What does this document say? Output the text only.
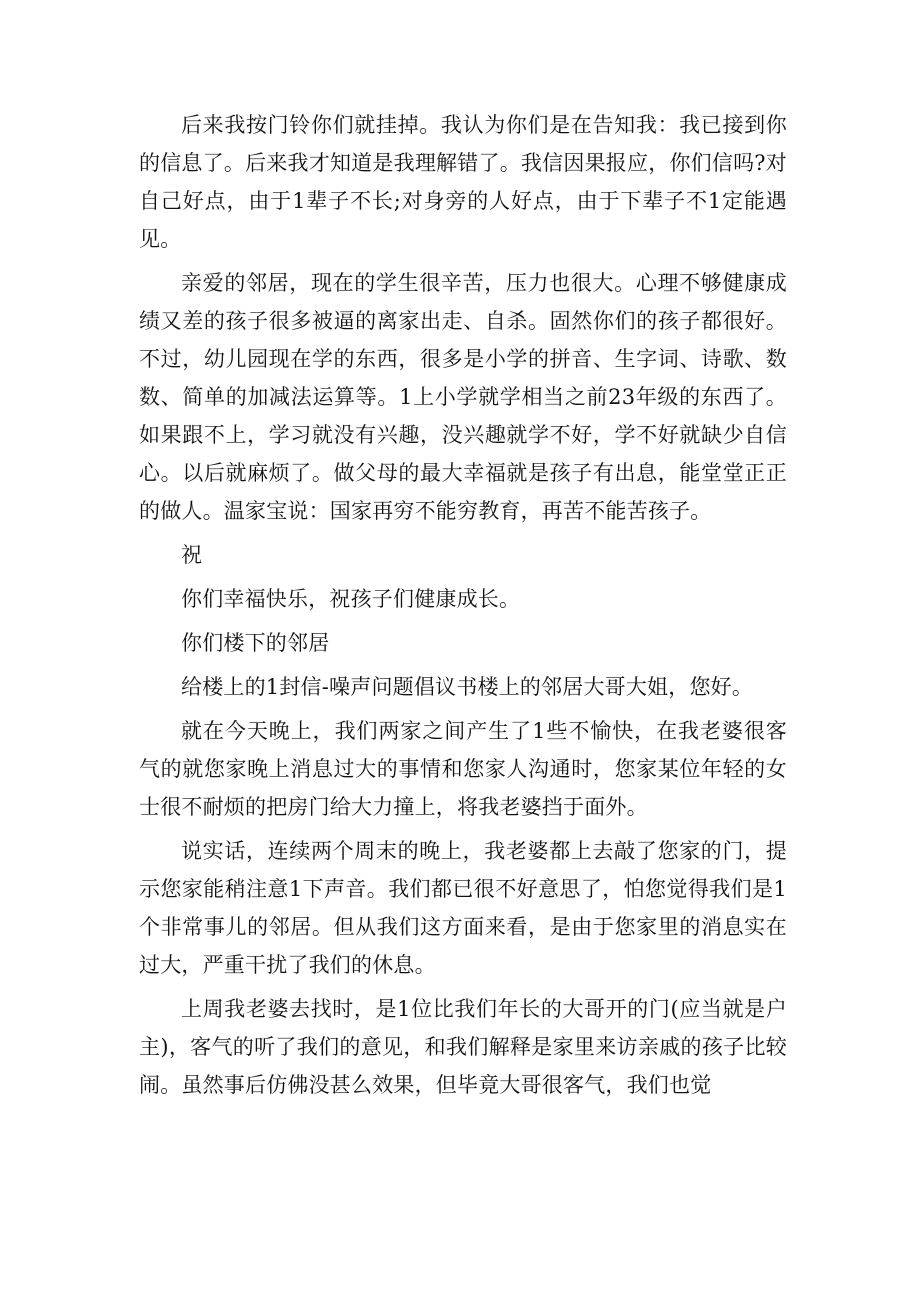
后来我按门铃你们就挂掉。我认为你们是在告知我：我已接到你的信息了。后来我才知道是我理解错了。我信因果报应，你们信吗?对自己好点，由于1辈子不长;对身旁的人好点，由于下辈子不1定能遇见。

亲爱的邻居，现在的学生很辛苦，压力也很大。心理不够健康成绩又差的孩子很多被逼的离家出走、自杀。固然你们的孩子都很好。不过，幼儿园现在学的东西，很多是小学的拼音、生字词、诗歌、数数、简单的加减法运算等。1上小学就学相当之前23年级的东西了。如果跟不上，学习就没有兴趣，没兴趣就学不好，学不好就缺少自信心。以后就麻烦了。做父母的最大幸福就是孩子有出息，能堂堂正正的做人。温家宝说：国家再穷不能穷教育，再苦不能苦孩子。

祝

你们幸福快乐，祝孩子们健康成长。

你们楼下的邻居

给楼上的1封信-噪声问题倡议书楼上的邻居大哥大姐，您好。

就在今天晚上，我们两家之间产生了1些不愉快，在我老婆很客气的就您家晚上消息过大的事情和您家人沟通时，您家某位年轻的女士很不耐烦的把房门给大力撞上，将我老婆挡于面外。

说实话，连续两个周末的晚上，我老婆都上去敲了您家的门，提示您家能稍注意1下声音。我们都已很不好意思了，怕您觉得我们是1个非常事儿的邻居。但从我们这方面来看，是由于您家里的消息实在过大，严重干扰了我们的休息。

上周我老婆去找时，是1位比我们年长的大哥开的门(应当就是户主)，客气的听了我们的意见，和我们解释是家里来访亲戚的孩子比较闹。虽然事后仿佛没甚么效果，但毕竟大哥很客气，我们也觉
